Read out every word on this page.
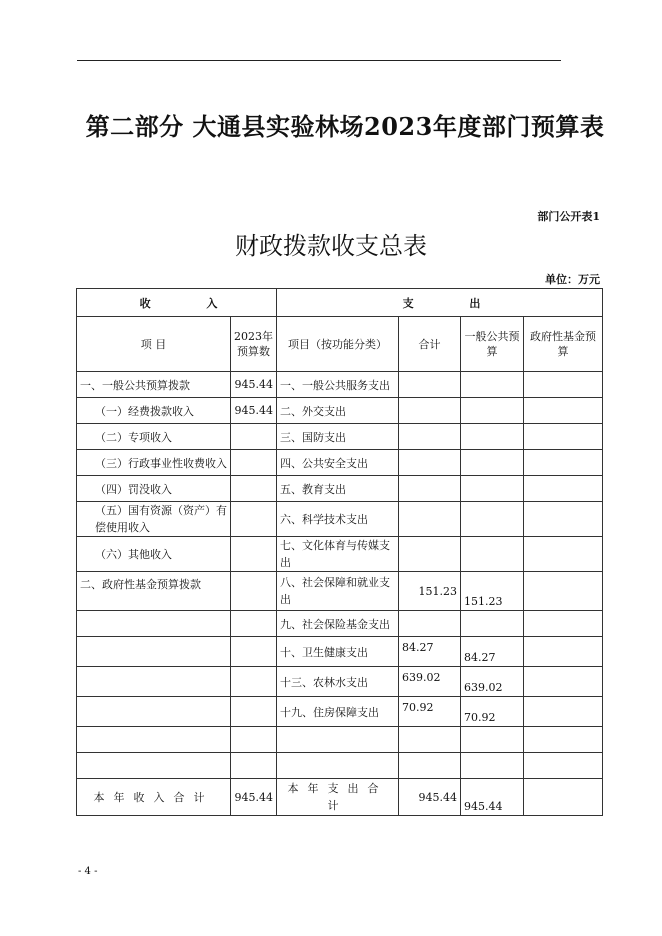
第二部分 大通县实验林场2023年度部门预算表
部门公开表1
财政拨款收支总表
单位：万元
收 入		支 出			
项 目	2023年预算数	项目（按功能分类）	合计	一般公共预算	政府性基金预算
一、一般公共预算拨款	945.44	一、一般公共服务支出			
（一）经费拨款收入	945.44	二、外交支出			
（二）专项收入		三、国防支出			
（三）行政事业性收费收入		四、公共安全支出			
（四）罚没收入		五、教育支出			
（五）国有资源（资产）有偿使用收入		六、科学技术支出			
（六）其他收入		七、文化体育与传媒支出			
二、政府性基金预算拨款		八、社会保障和就业支出	151.23	151.23	
		九、社会保险基金支出			
		十、卫生健康支出	84.27	84.27	
		十三、农林水支出	639.02	639.02	
		十九、住房保障支出	70.92	70.92	

本年收入合计	945.44	本年支出合计	945.44	945.44	
- 4 -
